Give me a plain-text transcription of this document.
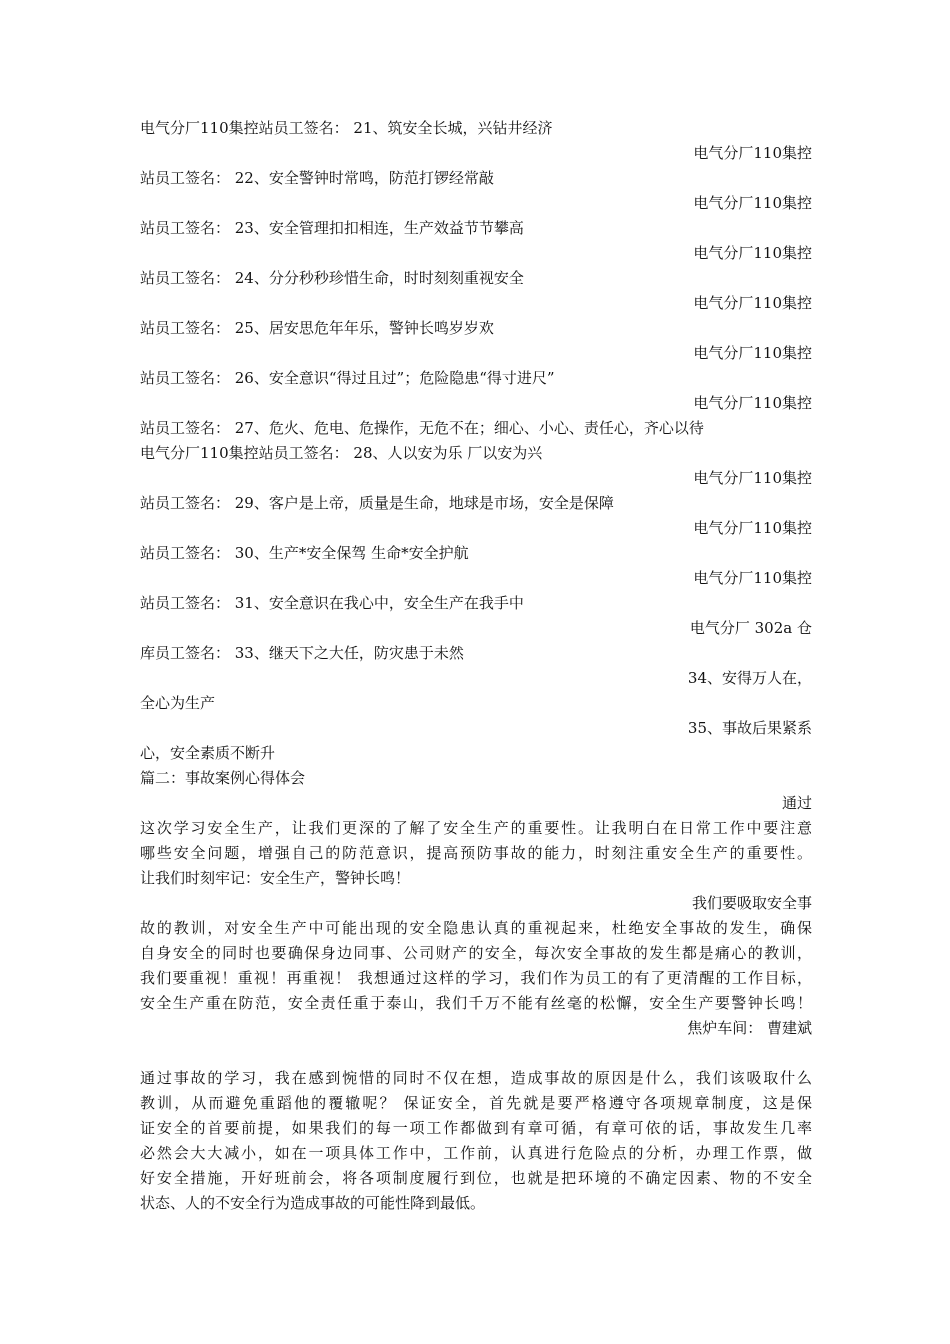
电气分厂110集控站员工签名： 21、筑安全长城，兴钻井经济
电气分厂110集控
站员工签名： 22、安全警钟时常鸣，防范打锣经常敲
电气分厂110集控
站员工签名： 23、安全管理扣扣相连，生产效益节节攀高
电气分厂110集控
站员工签名： 24、分分秒秒珍惜生命，时时刻刻重视安全
电气分厂110集控
站员工签名： 25、居安思危年年乐，警钟长鸣岁岁欢
电气分厂110集控
站员工签名： 26、安全意识“得过且过”；危险隐患“得寸进尺”
电气分厂110集控
站员工签名： 27、危火、危电、危操作，无危不在；细心、小心、责任心，齐心以待
电气分厂110集控站员工签名： 28、人以安为乐 厂以安为兴
电气分厂110集控
站员工签名： 29、客户是上帝，质量是生命，地球是市场，安全是保障
电气分厂110集控
站员工签名： 30、生产*安全保驾 生命*安全护航
电气分厂110集控
站员工签名： 31、安全意识在我心中，安全生产在我手中
电气分厂 302a 仓
库员工签名： 33、继天下之大任，防灾患于未然
34、安得万人在，
全心为生产
35、事故后果紧系
心，安全素质不断升
篇二：事故案例心得体会
通过
这次学习安全生产，让我们更深的了解了安全生产的重要性。让我明白在日常工作中要注意
哪些安全问题，增强自己的防范意识，提高预防事故的能力，时刻注重安全生产的重要性。
让我们时刻牢记：安全生产，警钟长鸣！
我们要吸取安全事
故的教训，对安全生产中可能出现的安全隐患认真的重视起来，杜绝安全事故的发生，确保
自身安全的同时也要确保身边同事、公司财产的安全，每次安全事故的发生都是痛心的教训，
我们要重视！重视！再重视！ 我想通过这样的学习，我们作为员工的有了更清醒的工作目标，
安全生产重在防范，安全责任重于泰山，我们千万不能有丝毫的松懈，安全生产要警钟长鸣！
焦炉车间： 曹建斌
通过事故的学习，我在感到惋惜的同时不仅在想，造成事故的原因是什么，我们该吸取什么
教训，从而避免重蹈他的覆辙呢？ 保证安全，首先就是要严格遵守各项规章制度，这是保
证安全的首要前提，如果我们的每一项工作都做到有章可循，有章可依的话，事故发生几率
必然会大大减小，如在一项具体工作中，工作前，认真进行危险点的分析，办理工作票，做
好安全措施，开好班前会，将各项制度履行到位，也就是把环境的不确定因素、物的不安全
状态、人的不安全行为造成事故的可能性降到最低。
